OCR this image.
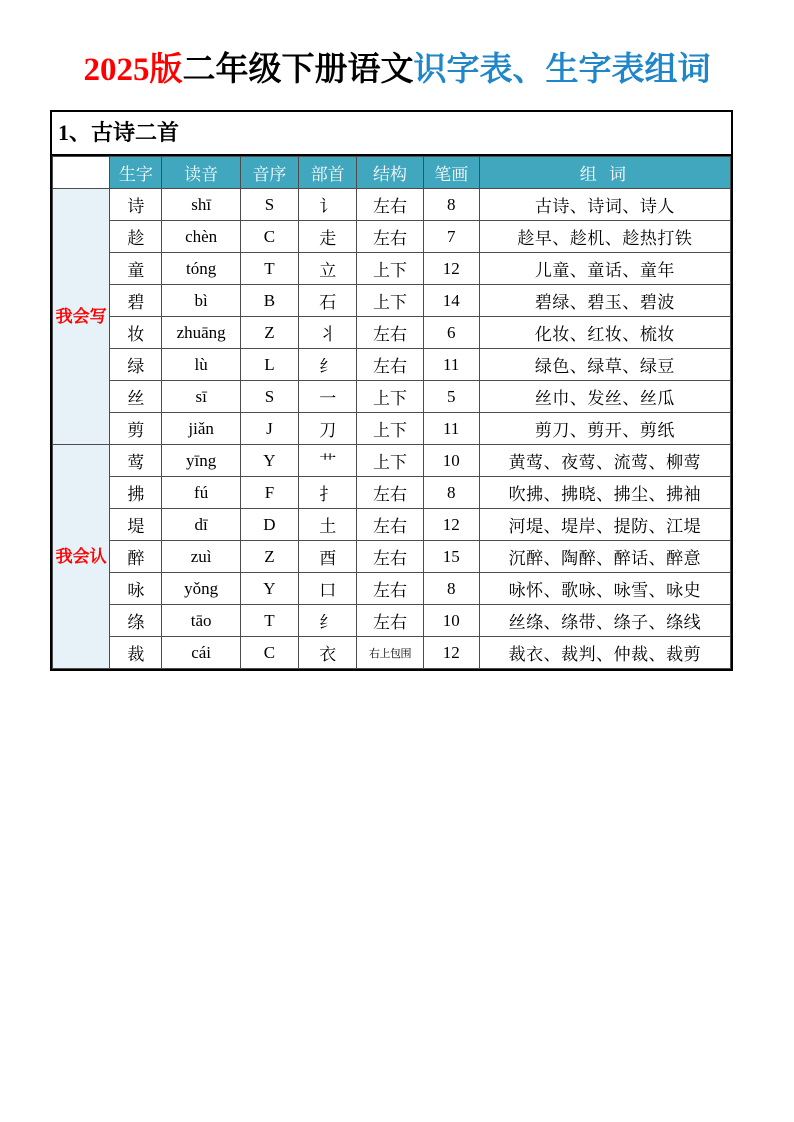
2025版二年级下册语文识字表、生字表组词
1、古诗二首
	生字	读音	音序	部首	结构	笔画	组 词
我会写	诗	shī	S	讠	左右	8	古诗、诗词、诗人
	趁	chèn	C	走	左右	7	趁早、趁机、趁热打铁
	童	tóng	T	立	上下	12	儿童、童话、童年
	碧	bì	B	石	上下	14	碧绿、碧玉、碧波
	妆	zhuāng	Z	丬	左右	6	化妆、红妆、梳妆
	绿	lù	L	纟	左右	11	绿色、绿草、绿豆
	丝	sī	S	一	上下	5	丝巾、发丝、丝瓜
	剪	jiǎn	J	刀	上下	11	剪刀、剪开、剪纸
我会认	莺	yīng	Y	艹	上下	10	黄莺、夜莺、流莺、柳莺
	拂	fú	F	扌	左右	8	吹拂、拂晓、拂尘、拂袖
	堤	dī	D	土	左右	12	河堤、堤岸、提防、江堤
	醉	zuì	Z	酉	左右	15	沉醉、陶醉、醉话、醉意
	咏	yǒng	Y	口	左右	8	咏怀、歌咏、咏雪、咏史
	绦	tāo	T	纟	左右	10	丝绦、绦带、绦子、绦线
	裁	cái	C	衣	右上包围	12	裁衣、裁判、仲裁、裁剪
